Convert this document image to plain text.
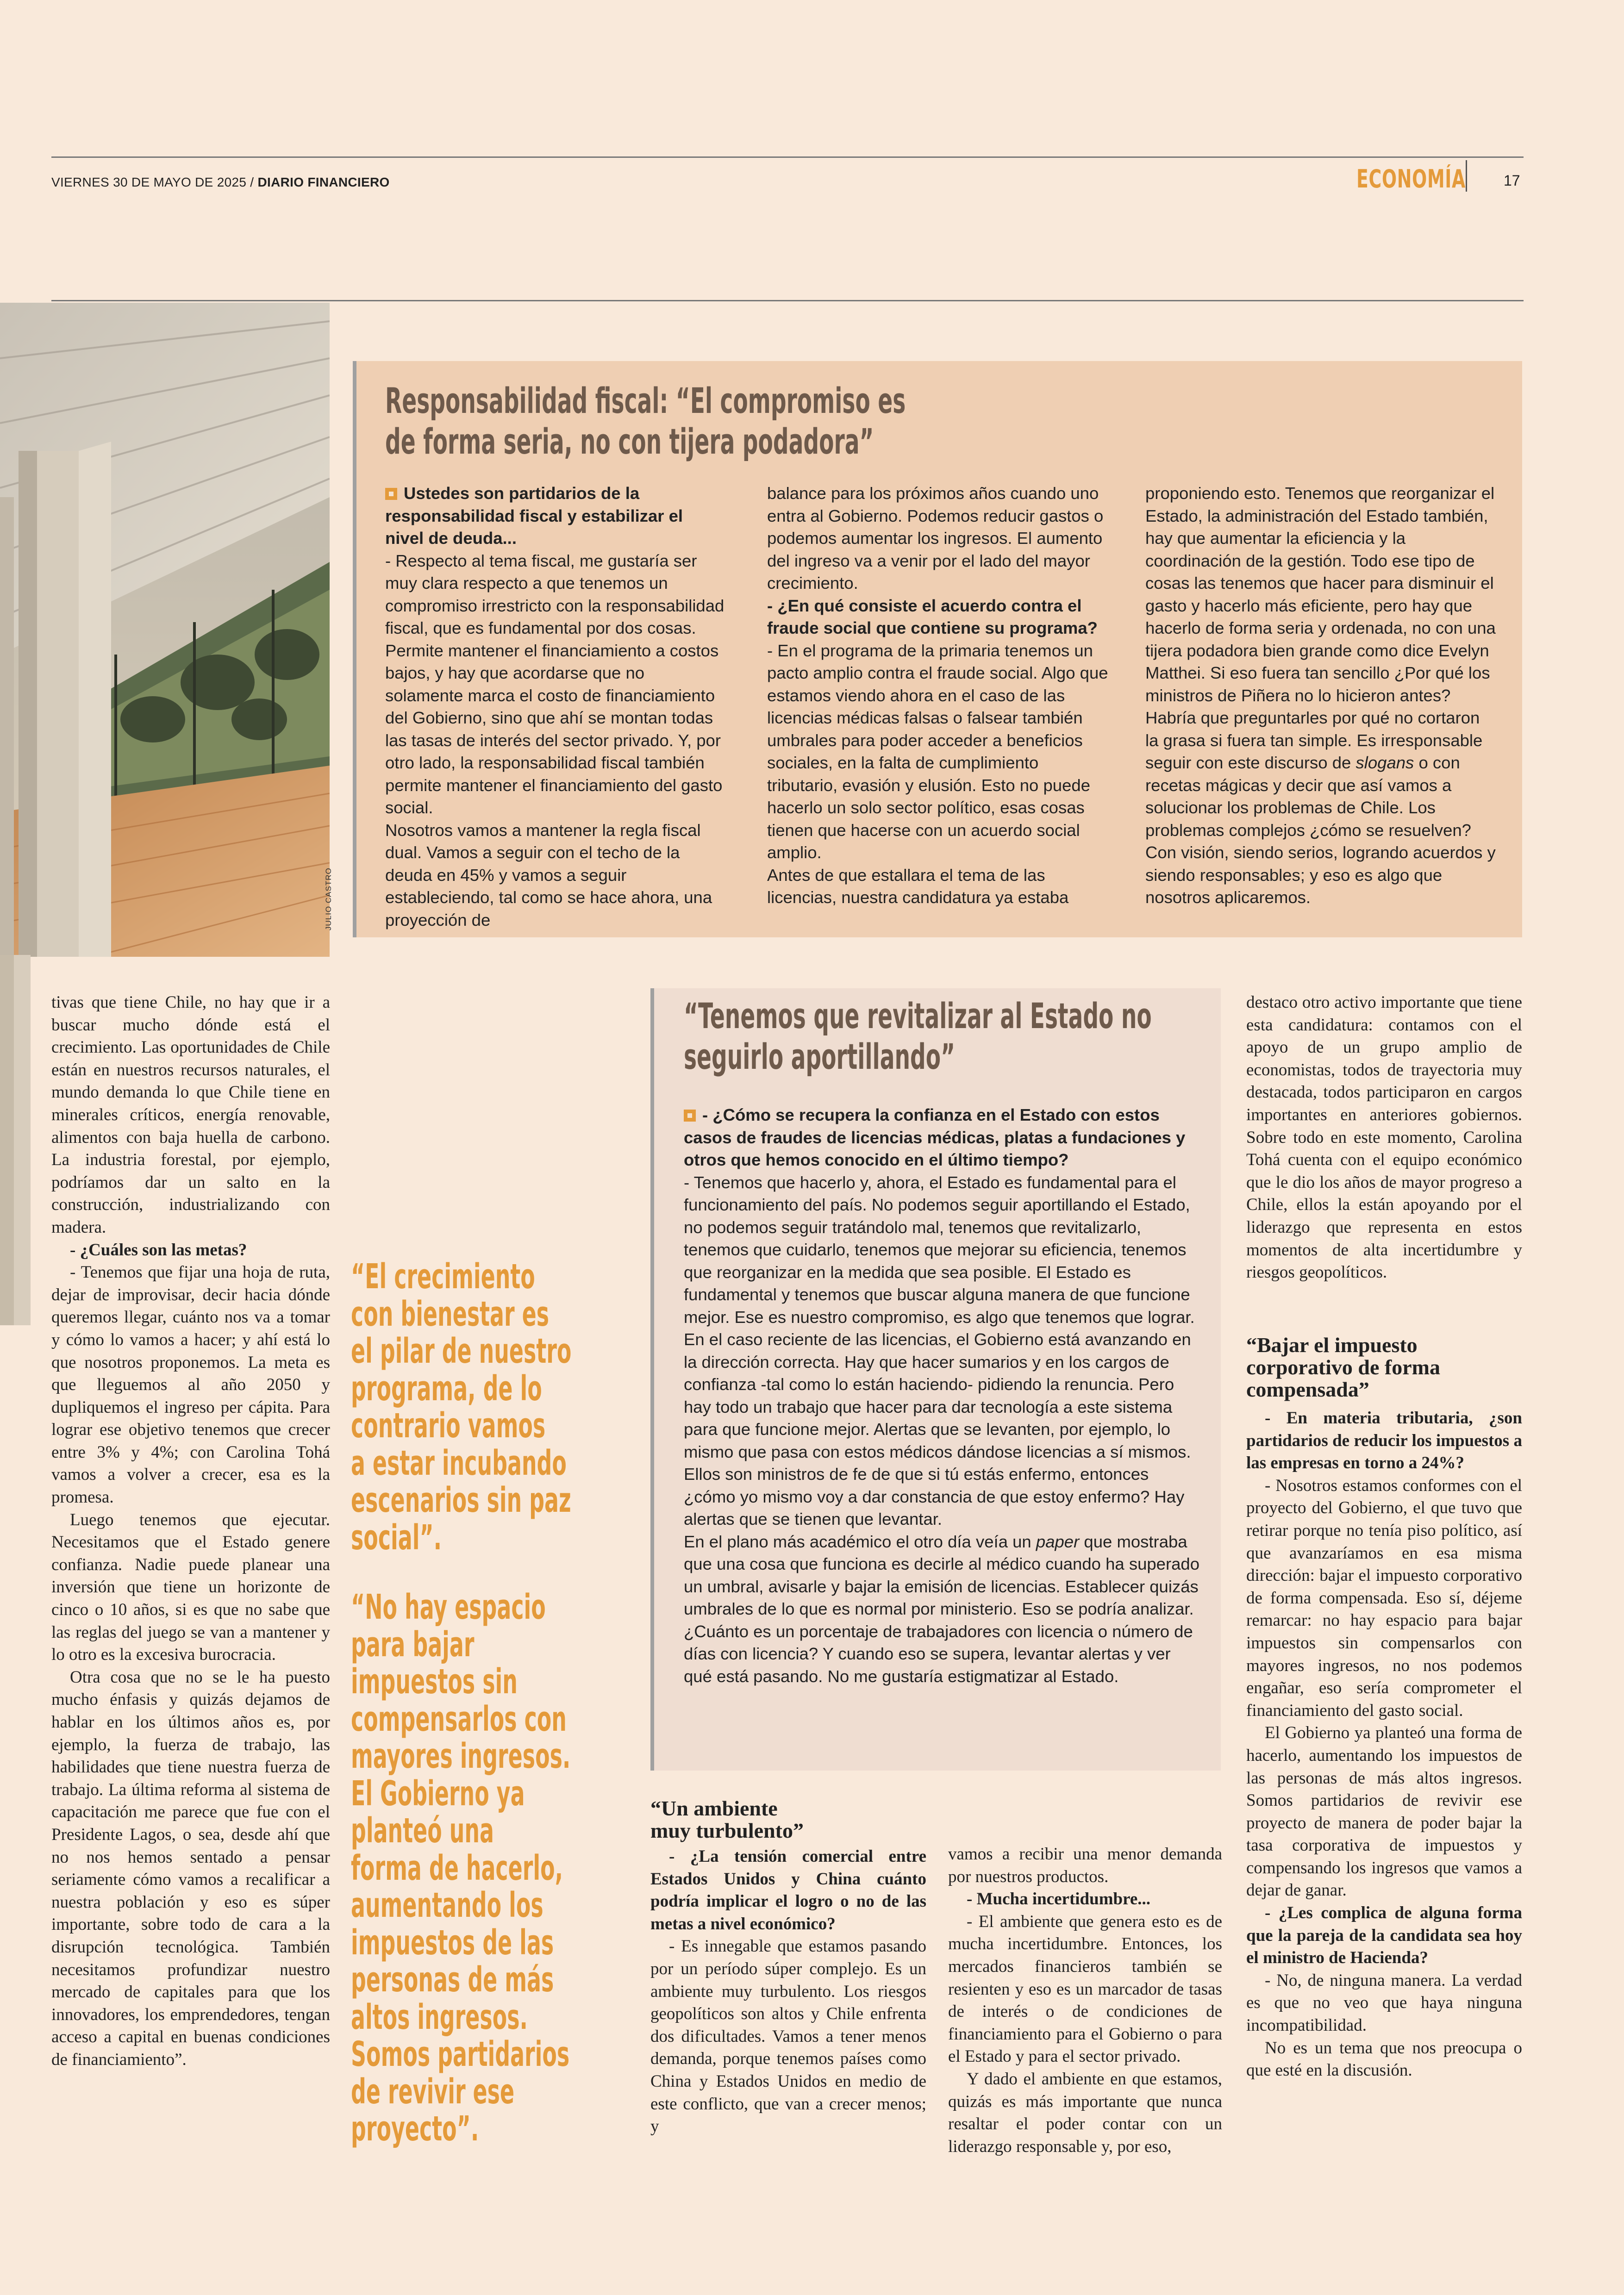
VIERNES 30 DE MAYO DE 2025 / DIARIO FINANCIERO	ECONOMÍA	17
JULIO CASTRO
Responsabilidad fiscal: “El compromiso es
de forma seria, no con tijera podadora”

Ustedes son partidarios de la responsabilidad fiscal y estabilizar el nivel de deuda...

- Respecto al tema fiscal, me gustaría ser muy clara respecto a que tenemos un compromiso irrestricto con la responsabilidad fiscal, que es fundamental por dos cosas. Permite mantener el financiamiento a costos bajos, y hay que acordarse que no solamente marca el costo de financiamiento del Gobierno, sino que ahí se montan todas las tasas de interés del sector privado. Y, por otro lado, la responsabilidad fiscal también permite mantener el financiamiento del gasto social.

Nosotros vamos a mantener la regla fiscal dual. Vamos a seguir con el techo de la deuda en 45% y vamos a seguir estableciendo, tal como se hace ahora, una proyección de

balance para los próximos años cuando uno entra al Gobierno. Podemos reducir gastos o podemos aumentar los ingresos. El aumento del ingreso va a venir por el lado del mayor crecimiento.

- ¿En qué consiste el acuerdo contra el fraude social que contiene su programa?

- En el programa de la primaria tenemos un pacto amplio contra el fraude social. Algo que estamos viendo ahora en el caso de las licencias médicas falsas o falsear también umbrales para poder acceder a beneficios sociales, en la falta de cumplimiento tributario, evasión y elusión. Esto no puede hacerlo un solo sector político, esas cosas tienen que hacerse con un acuerdo social amplio.

Antes de que estallara el tema de las licencias, nuestra candidatura ya estaba

proponiendo esto. Tenemos que reorganizar el Estado, la administración del Estado también, hay que aumentar la eficiencia y la coordinación de la gestión. Todo ese tipo de cosas las tenemos que hacer para disminuir el gasto y hacerlo más eficiente, pero hay que hacerlo de forma seria y ordenada, no con una tijera podadora bien grande como dice Evelyn Matthei. Si eso fuera tan sencillo ¿Por qué los ministros de Piñera no lo hicieron antes? Habría que preguntarles por qué no cortaron la grasa si fuera tan simple. Es irresponsable seguir con este discurso de slogans o con recetas mágicas y decir que así vamos a solucionar los problemas de Chile. Los problemas complejos ¿cómo se resuelven? Con visión, siendo serios, logrando acuerdos y siendo responsables; y eso es algo que nosotros aplicaremos.

tivas que tiene Chile, no hay que ir a buscar mucho dónde está el crecimiento. Las oportunidades de Chile están en nuestros recursos naturales, el mundo demanda lo que Chile tiene en minerales críticos, energía renovable, alimentos con baja huella de carbono. La industria forestal, por ejemplo, podríamos dar un salto en la construcción, industrializando con madera.

- ¿Cuáles son las metas?

- Tenemos que fijar una hoja de ruta, dejar de improvisar, decir hacia dónde queremos llegar, cuánto nos va a tomar y cómo lo vamos a hacer; y ahí está lo que nosotros proponemos. La meta es que lleguemos al año 2050 y dupliquemos el ingreso per cápita. Para lograr ese objetivo tenemos que crecer entre 3% y 4%; con Carolina Tohá vamos a volver a crecer, esa es la promesa.

Luego tenemos que ejecutar. Necesitamos que el Estado genere confianza. Nadie puede planear una inversión que tiene un horizonte de cinco o 10 años, si es que no sabe que las reglas del juego se van a mantener y lo otro es la excesiva burocracia.

Otra cosa que no se le ha puesto mucho énfasis y quizás dejamos de hablar en los últimos años es, por ejemplo, la fuerza de trabajo, las habilidades que tiene nuestra fuerza de trabajo. La última reforma al sistema de capacitación me parece que fue con el Presidente Lagos, o sea, desde ahí que no nos hemos sentado a pensar seriamente cómo vamos a recalificar a nuestra población y eso es súper importante, sobre todo de cara a la disrupción tecnológica. También necesitamos profundizar nuestro mercado de capitales para que los innovadores, los emprendedores, tengan acceso a capital en buenas condiciones de financiamiento”.

“El crecimiento
con bienestar es
el pilar de nuestro
programa, de lo
contrario vamos
a estar incubando
escenarios sin paz
social”.
“No hay espacio
para bajar
impuestos sin
compensarlos con
mayores ingresos.
El Gobierno ya
planteó una
forma de hacerlo,
aumentando los
impuestos de las
personas de más
altos ingresos.
Somos partidarios
de revivir ese
proyecto”.
“Tenemos que revitalizar al Estado no
seguirlo aportillando”

- ¿Cómo se recupera la confianza en el Estado con estos casos de fraudes de licencias médicas, platas a fundaciones y otros que hemos conocido en el último tiempo?

- Tenemos que hacerlo y, ahora, el Estado es fundamental para el funcionamiento del país. No podemos seguir aportillando el Estado, no podemos seguir tratándolo mal, tenemos que revitalizarlo, tenemos que cuidarlo, tenemos que mejorar su eficiencia, tenemos que reorganizar en la medida que sea posible. El Estado es fundamental y tenemos que buscar alguna manera de que funcione mejor. Ese es nuestro compromiso, es algo que tenemos que lograr.

En el caso reciente de las licencias, el Gobierno está avanzando en la dirección correcta. Hay que hacer sumarios y en los cargos de confianza -tal como lo están haciendo- pidiendo la renuncia. Pero hay todo un trabajo que hacer para dar tecnología a este sistema para que funcione mejor. Alertas que se levanten, por ejemplo, lo mismo que pasa con estos médicos dándose licencias a sí mismos. Ellos son ministros de fe de que si tú estás enfermo, entonces ¿cómo yo mismo voy a dar constancia de que estoy enfermo? Hay alertas que se tienen que levantar.

En el plano más académico el otro día veía un paper que mostraba que una cosa que funciona es decirle al médico cuando ha superado un umbral, avisarle y bajar la emisión de licencias. Establecer quizás umbrales de lo que es normal por ministerio. Eso se podría analizar. ¿Cuánto es un porcentaje de trabajadores con licencia o número de días con licencia? Y cuando eso se supera, levantar alertas y ver qué está pasando. No me gustaría estigmatizar al Estado.

“Un ambiente
muy turbulento”

- ¿La tensión comercial entre Estados Unidos y China cuánto podría implicar el logro o no de las metas a nivel económico?

- Es innegable que estamos pasando por un período súper complejo. Es un ambiente muy turbulento. Los riesgos geopolíticos son altos y Chile enfrenta dos dificultades. Vamos a tener menos demanda, porque tenemos países como China y Estados Unidos en medio de este conflicto, que van a crecer menos; y

vamos a recibir una menor demanda por nuestros productos.

- Mucha incertidumbre...

- El ambiente que genera esto es de mucha incertidumbre. Entonces, los mercados financieros también se resienten y eso es un marcador de tasas de interés o de condiciones de financiamiento para el Gobierno o para el Estado y para el sector privado.

Y dado el ambiente en que estamos, quizás es más importante que nunca resaltar el poder contar con un liderazgo responsable y, por eso,

destaco otro activo importante que tiene esta candidatura: contamos con el apoyo de un grupo amplio de economistas, todos de trayectoria muy destacada, todos participaron en cargos importantes en anteriores gobiernos. Sobre todo en este momento, Carolina Tohá cuenta con el equipo económico que le dio los años de mayor progreso a Chile, ellos la están apoyando por el liderazgo que representa en estos momentos de alta incertidumbre y riesgos geopolíticos.

“Bajar el impuesto
corporativo de forma
compensada”

- En materia tributaria, ¿son partidarios de reducir los impuestos a las empresas en torno a 24%?

- Nosotros estamos conformes con el proyecto del Gobierno, el que tuvo que retirar porque no tenía piso político, así que avanzaríamos en esa misma dirección: bajar el impuesto corporativo de forma compensada. Eso sí, déjeme remarcar: no hay espacio para bajar impuestos sin compensarlos con mayores ingresos, no nos podemos engañar, eso sería comprometer el financiamiento del gasto social.

El Gobierno ya planteó una forma de hacerlo, aumentando los impuestos de las personas de más altos ingresos. Somos partidarios de revivir ese proyecto de manera de poder bajar la tasa corporativa de impuestos y compensando los ingresos que vamos a dejar de ganar.

- ¿Les complica de alguna forma que la pareja de la candidata sea hoy el ministro de Hacienda?

- No, de ninguna manera. La verdad es que no veo que haya ninguna incompatibilidad.

No es un tema que nos preocupa o que esté en la discusión.
